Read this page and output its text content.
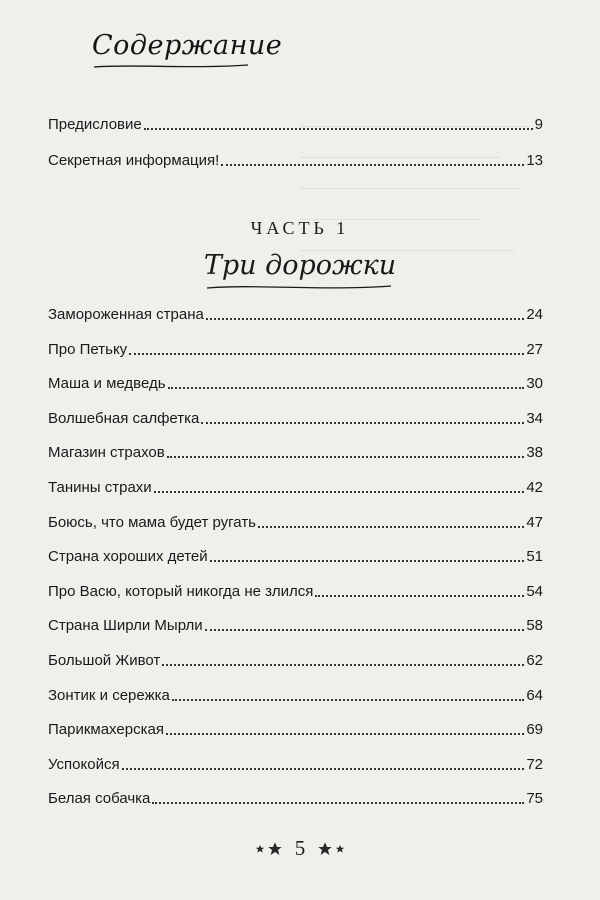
Содержание
Предисловие	9
Секретная информация!	13
ЧАСТЬ 1
Три дорожки
Замороженная страна	24
Про Петьку	27
Маша и медведь	30
Волшебная салфетка	34
Магазин страхов	38
Танины страхи	42
Боюсь, что мама будет ругать	47
Страна хороших детей	51
Про Васю, который никогда не злился	54
Страна Ширли Мырли	58
Большой Живот	62
Зонтик и сережка	64
Парикмахерская	69
Успокойся	72
Белая собачка	75
5
